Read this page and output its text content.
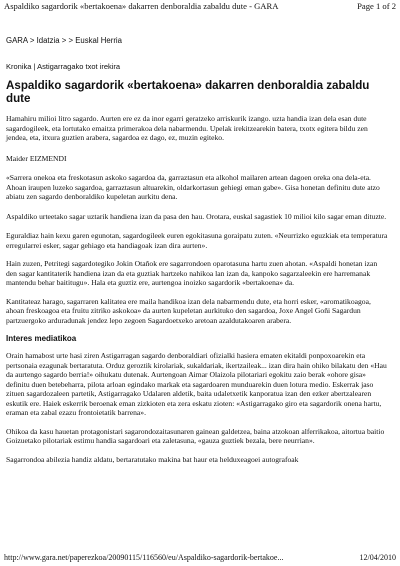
Aspaldiko sagardorik «bertakoena» dakarren denboraldia zabaldu dute - GARA	Page 1 of 2

GARA > Idatzia > > Euskal Herria

Kronika | Astigarragako txot irekira

Aspaldiko sagardorik «bertakoena» dakarren denboraldia zabaldu dute

Hamahiru milioi litro sagardo. Aurten ere ez da inor egarri geratzeko arriskurik izango. uzta handia izan dela esan dute sagardogileek, eta lortutako emaitza primerakoa dela nabarmendu. Upelak irekitzearekin batera, txotx egitera bildu zen jendea, eta, itxura guztien arabera, sagardoa ez dago, ez, muzin egiteko.

Maider EIZMENDI

«Sarrera onekoa eta freskotasun askoko sagardoa da, garraztasun eta alkohol mailaren artean dagoen oreka ona dela-eta. Ahoan iraupen luzeko sagardoa, garraztasun altuarekin, oldarkortasun gehiegi eman gabe». Gisa honetan definitu dute atzo abiatu zen sagardo denboraldiko kupeletan aurkitu dena.

Aspaldiko urteetako sagar uztarik handiena izan da pasa den hau. Orotara, euskal sagastiek 10 milioi kilo sagar eman dituzte.

Eguraldiaz hain kexu garen egunotan, sagardogileek euren egokitasuna goraipatu zuten. «Neurrizko eguzkiak eta temperatura erregularrei esker, sagar gehiago eta handiagoak izan dira aurten».

Hain zuzen, Petritegi sagardotegiko Jokin Otañok ere sagarrondoen oparotasuna hartu zuen ahotan. «Aspaldi honetan izan den sagar kantitaterik handiena izan da eta guztiak hartzeko nahikoa lan izan da, kanpoko sagarzaleekin ere harremanak mantendu behar baititugu». Hala eta guztiz ere, aurtengoa inoizko sagardorik «bertakoena» da.

Kantitateaz harago, sagarraren kalitatea ere maila handikoa izan dela nabarmendu dute, eta horri esker, «aromatikoagoa, ahoan freskoagoa eta fruitu zitriko askokoa» da aurten kupeletan aurkituko den sagardoa, Joxe Angel Goñi Sagardun partzuergoko arduradunak jendez lepo zegoen Sagardoetxeko aretoan azaldutakoaren arabera.

Interes mediatikoa

Orain hamabost urte hasi ziren Astigarragan sagardo denboraldiari ofizialki hasiera ematen ekitaldi ponpoxoarekin eta pertsonaia ezagunak bertaratuta. Orduz geroztik kirolariak, sukaldariak, ikertzaileak... izan dira hain ohiko bilakatu den «Hau da aurtengo sagardo berria!» oihukatu dutenak. Aurtengoan Aimar Olaizola pilotariari egokitu zaio berak «ohore gisa» definitu duen betebeharra, pilota arloan egindako markak eta sagardoaren munduarekin duen lotura medio. Eskerrak jaso zituen sagardozaleen partetik, Astigarragako Udalaren aldetik, baita udaletxetik kanporatua izan den ezker abertzalearen eskutik ere. Haiek eskerrik beroenak eman zizkioten eta zera eskatu zioten: «Astigarragako giro eta sagardorik onena hartu, eraman eta zabal ezazu frontoietatik barrena».

Ohikoa da kasu hauetan protagonistari sagarondozaitasunaren gainean galdetzea, baina atzokoan alferrikakoa, aitortua baitio Goizuetako pilotariak estimu handia sagardoari eta zaletasuna, «gauza guztiek bezala, bere neurrian».

Sagarrondoa abilezia handiz aldatu, bertaratutako makina bat haur eta helduxeagoei autografoak

http://www.gara.net/paperezkoa/20090115/116560/eu/Aspaldiko-sagardorik-bertakoe...	12/04/2010
